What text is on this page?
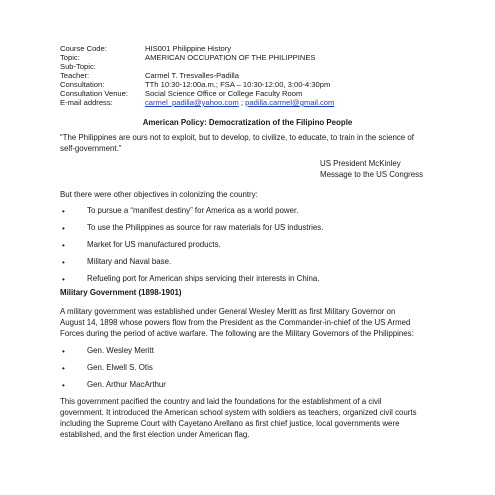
Course Code:	HIS001 Philippine History
Topic:	AMERICAN OCCUPATION OF THE PHILIPPINES
Sub-Topic:
Teacher:	Carmel T. Tresvalles-Padilla
Consultation:	TTh 10:30-12:00a.m.; FSA – 10:30-12:00, 3:00-4:30pm
Consultation Venue: Social Science Office or College Faculty Room
E-mail address:	carmel_padilla@yahoo.com ; padilla.carmel@gmail.com
American Policy: Democratization of the Filipino People
“The Philippines are ours not to exploit, but to develop, to civilize, to educate, to train in the science of
self-government.”
US President McKinley
Message to the US Congress
But there were other objectives in colonizing the country:
•	To pursue a “manifest destiny” for America as a world power.
•	To use the Philippines as source for raw materials for US industries.
•	Market for US manufactured products.
•	Military and Naval base.
•	Refueling port for American ships servicing their interests in China.
Military Government (1898-1901)
A military government was established under General Wesley Meritt as first Military Governor on
August 14, 1898 whose powers flow from the President as the Commander-in-chief of the US Armed
Forces during the period of active warfare. The following are the Military Governors of the Philippines:
•	Gen. Wesley Meritt
•	Gen. Elwell S. Otis
•	Gen. Arthur MacArthur
This government pacified the country and laid the foundations for the establishment of a civil
government. It introduced the American school system with soldiers as teachers, organized civil courts
including the Supreme Court with Cayetano Arellano as first chief justice, local governments were
established, and the first election under American flag.
